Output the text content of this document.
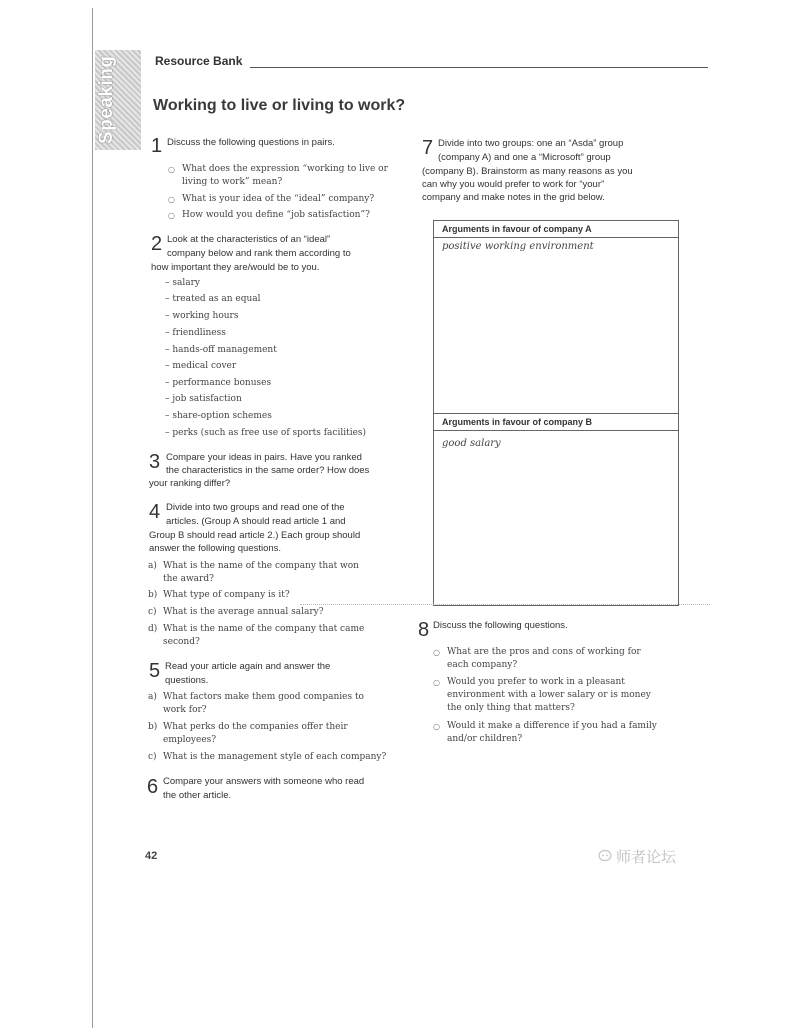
Speaking	Resource Bank
Working to live or living to work?
1 Discuss the following questions in pairs.
○ What does the expression “working to live or
living to work” mean?
○ What is your idea of the “ideal” company?
○ How would you define “job satisfaction”?
2 Look at the characteristics of an “ideal”
company below and rank them according to
how important they are/would be to you.
– salary
– treated as an equal
– working hours
– friendliness
– hands-off management
– medical cover
– performance bonuses
– job satisfaction
– share-option schemes
– perks (such as free use of sports facilities)
3 Compare your ideas in pairs. Have you ranked
the characteristics in the same order? How does
your ranking differ?
4 Divide into two groups and read one of the
articles. (Group A should read article 1 and
Group B should read article 2.) Each group should
answer the following questions.
a) What is the name of the company that won
the award?
b) What type of company is it?
c) What is the average annual salary?
d) What is the name of the company that came
second?
5 Read your article again and answer the
questions.
a) What factors make them good companies to
work for?
b) What perks do the companies offer their
employees?
c) What is the management style of each company?
6 Compare your answers with someone who read
the other article.
7 Divide into two groups: one an “Asda” group
(company A) and one a “Microsoft” group
(company B). Brainstorm as many reasons as you
can why you would prefer to work for “your”
company and make notes in the grid below.
Arguments in favour of company A
positive working environment
Arguments in favour of company B
good salary
8 Discuss the following questions.
○ What are the pros and cons of working for
each company?
○ Would you prefer to work in a pleasant
environment with a lower salary or is money
the only thing that matters?
○ Would it make a difference if you had a family
and/or children?
42	师者论坛
